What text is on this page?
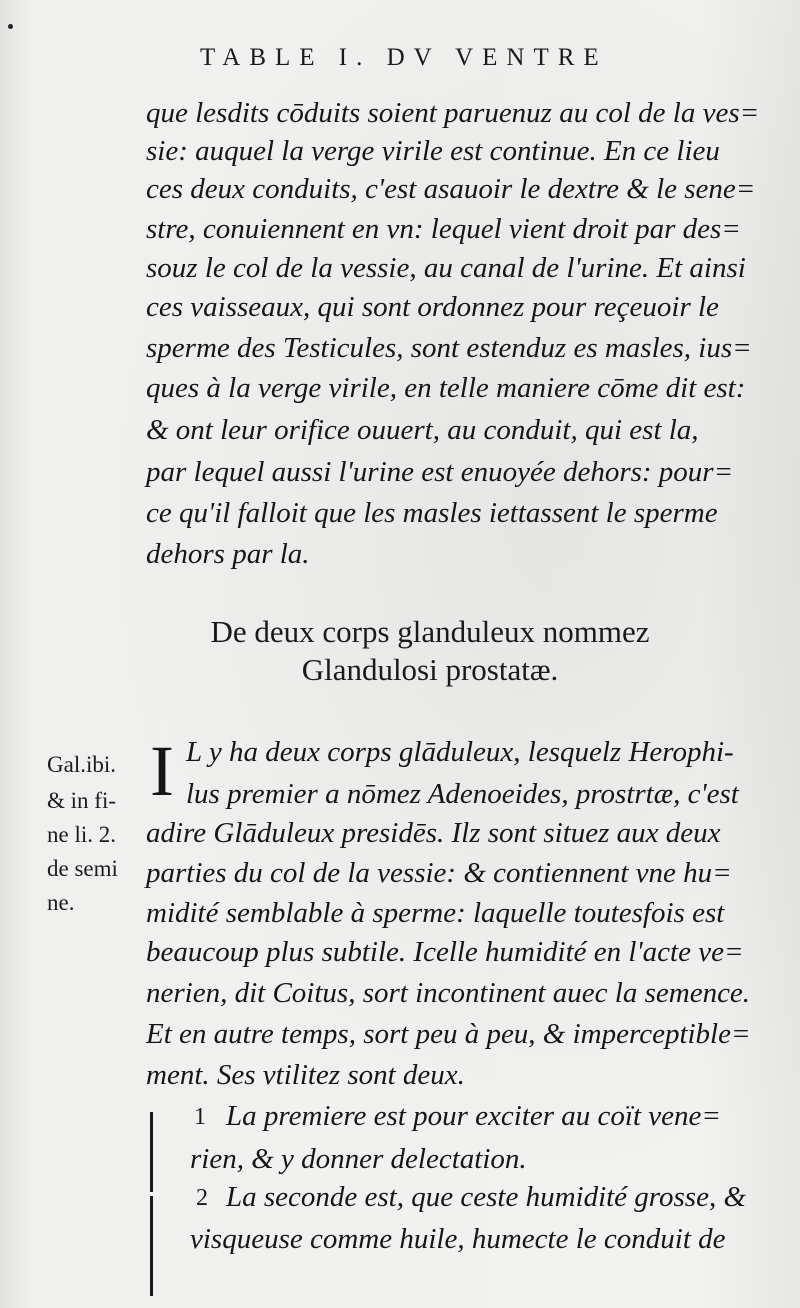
TABLE I. DV VENTRE
que lesdits cōduits soient paruenuz au col de la ves=
sie: auquel la verge virile est continue. En ce lieu
ces deux conduits, c'est asauoir le dextre & le sene=
stre, conuiennent en vn: lequel vient droit par des=
souz le col de la vessie, au canal de l'urine. Et ainsi
ces vaisseaux, qui sont ordonnez pour reçeuoir le
sperme des Testicules, sont estenduz es masles, ius=
ques à la verge virile, en telle maniere cōme dit est:
& ont leur orifice ouuert, au conduit, qui est la,
par lequel aussi l'urine est enuoyée dehors: pour=
ce qu'il falloit que les masles iettassent le sperme
dehors par la.
De deux corps glanduleux nommez
Glandulosi prostatæ.
Gal.ibi.
& in fi-
ne li. 2.
de semi
ne.
I L y ha deux corps glāduleux, lesquelz Herophi-
lus premier a nōmez Adenoeides, prostrtæ, c'est
adire Glāduleux presidēs. Ilz sont situez aux deux
parties du col de la vessie: & contiennent vne hu=
midité semblable à sperme: laquelle toutesfois est
beaucoup plus subtile. Icelle humidité en l'acte ve=
nerien, dit Coitus, sort incontinent auec la semence.
Et en autre temps, sort peu à peu, & imperceptible=
ment. Ses vtilitez sont deux.
1 La premiere est pour exciter au coït vene=
rien, & y donner delectation.
2 La seconde est, que ceste humidité grosse, &
visqueuse comme huile, humecte le conduit de
